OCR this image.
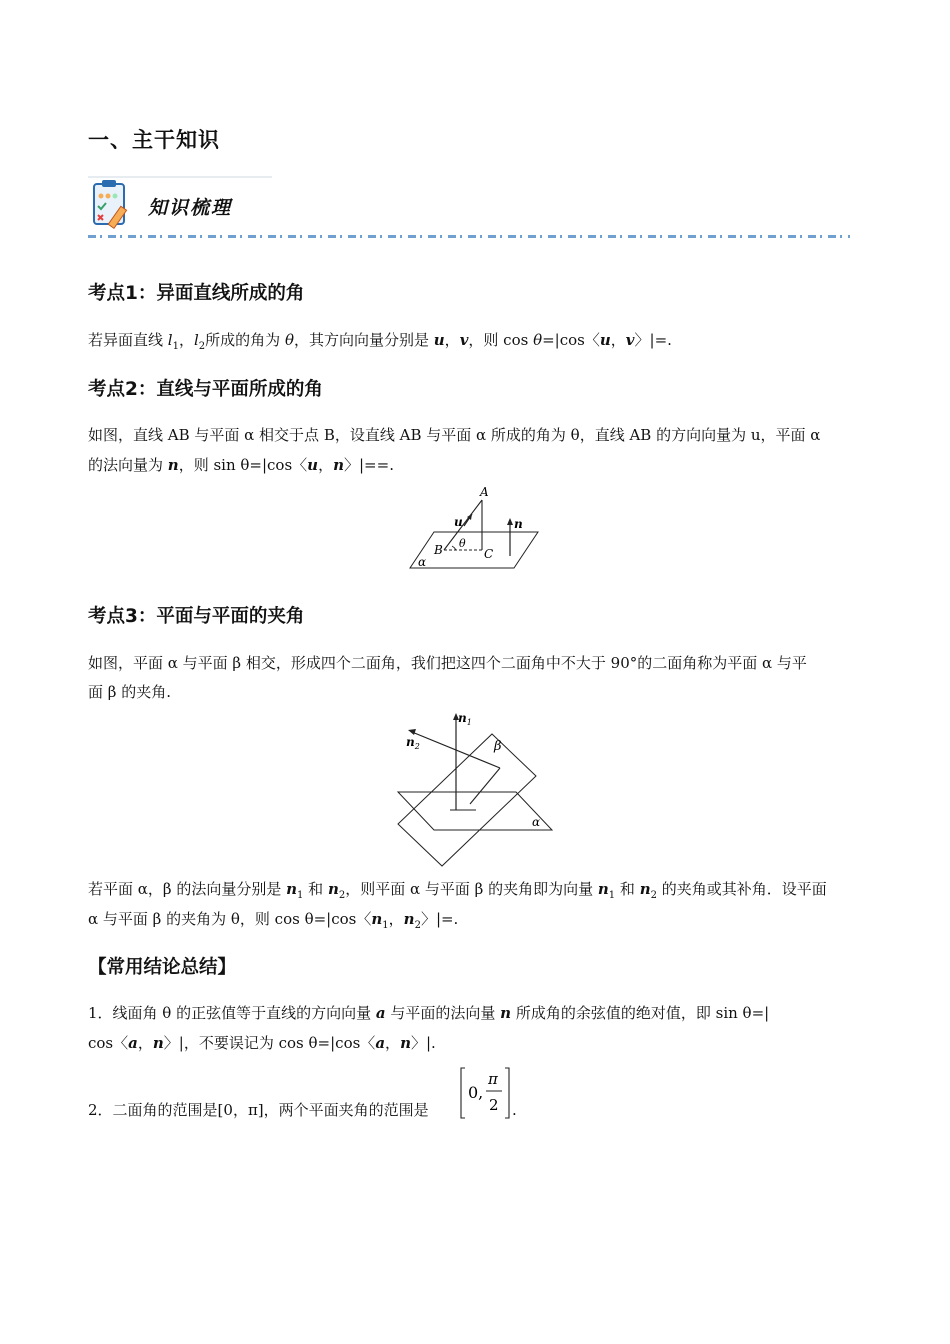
一、主干知识
知识梳理
考点1：异面直线所成的角

若异面直线 $l_1$，$l_2$所成的角为 θ，其方向向量分别是 u，v，则 cos θ=|cos〈u，v〉|=.

考点2：直线与平面所成的角

如图，直线 AB 与平面 α 相交于点 B，设直线 AB 与平面 α 所成的角为 θ，直线 AB 的方向向量为 u，平面 α

的法向量为 n，则 sin θ=|cos〈u，n〉|==.

A
B	C
u	n
θ
α
考点3：平面与平面的夹角

如图，平面 α 与平面 β 相交，形成四个二面角，我们把这四个二面角中不大于 90°的二面角称为平面 α 与平

面 β 的夹角.

$n_1$
$n_2$	β
α

若平面 α，β 的法向量分别是 $n_1$ 和 $n_2$，则平面 α 与平面 β 的夹角即为向量 $n_1$ 和 $n_2$ 的夹角或其补角．设平面

α 与平面 β 的夹角为 θ，则 cos θ=|cos〈$n_1$，$n_2$〉|=.

【常用结论总结】

1．线面角 θ 的正弦值等于直线的方向向量 a 与平面的法向量 n 所成角的余弦值的绝对值，即 sin θ=|

cos〈a，n〉|，不要误记为 cos θ=|cos〈a，n〉|.

2．二面角的范围是[0，π]，两个平面夹角的范围是

0,
π
2 .
